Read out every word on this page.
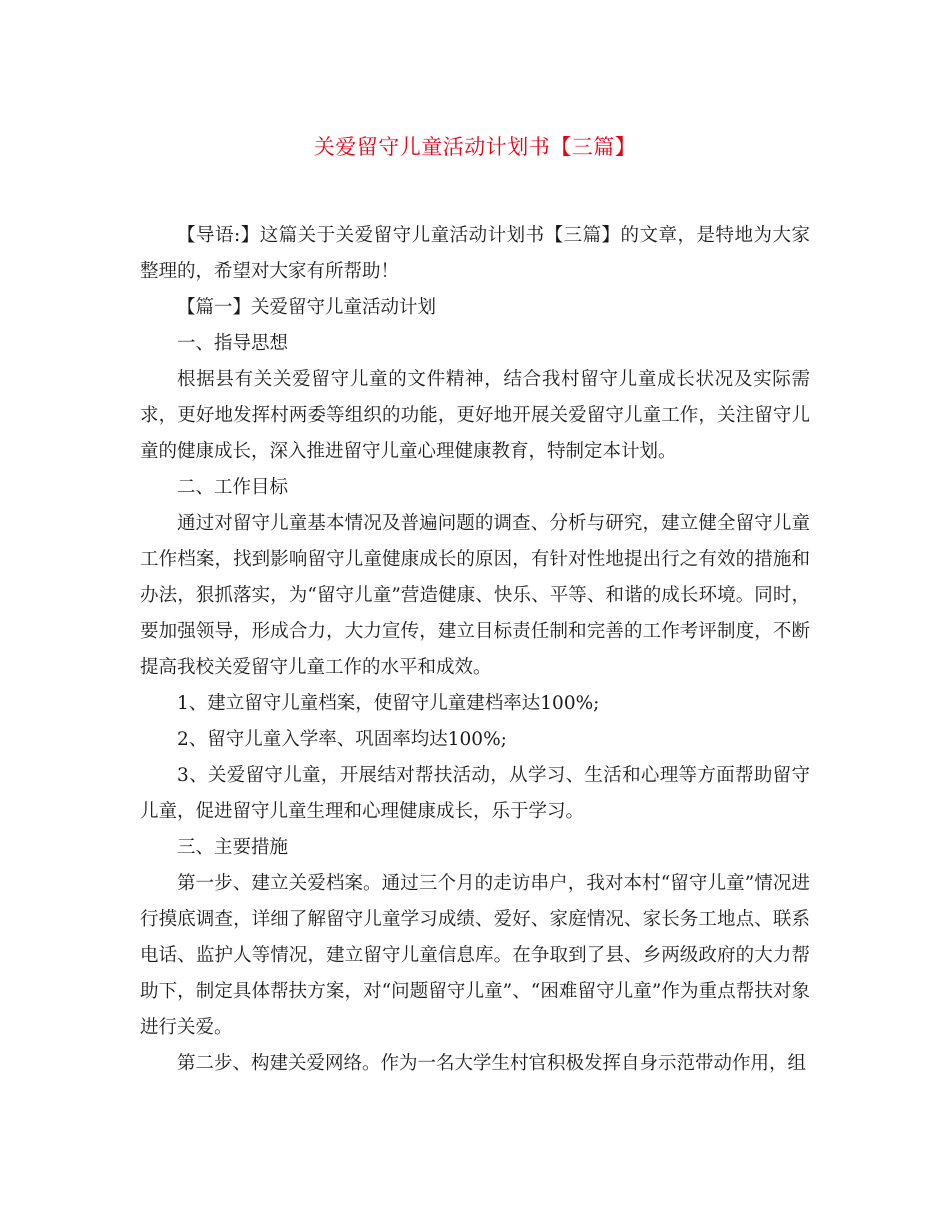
关爱留守儿童活动计划书【三篇】

【导语:】这篇关于关爱留守儿童活动计划书【三篇】的文章，是特地为大家整理的，希望对大家有所帮助！

【篇一】关爱留守儿童活动计划

一、指导思想

根据县有关关爱留守儿童的文件精神，结合我村留守儿童成长状况及实际需求，更好地发挥村两委等组织的功能，更好地开展关爱留守儿童工作，关注留守儿童的健康成长，深入推进留守儿童心理健康教育，特制定本计划。

二、工作目标

通过对留守儿童基本情况及普遍问题的调查、分析与研究，建立健全留守儿童工作档案，找到影响留守儿童健康成长的原因，有针对性地提出行之有效的措施和办法，狠抓落实，为“留守儿童”营造健康、快乐、平等、和谐的成长环境。同时，要加强领导，形成合力，大力宣传，建立目标责任制和完善的工作考评制度，不断提高我校关爱留守儿童工作的水平和成效。

1、建立留守儿童档案，使留守儿童建档率达100%;

2、留守儿童入学率、巩固率均达100%;

3、关爱留守儿童，开展结对帮扶活动，从学习、生活和心理等方面帮助留守儿童，促进留守儿童生理和心理健康成长，乐于学习。

三、主要措施

第一步、建立关爱档案。通过三个月的走访串户，我对本村“留守儿童”情况进行摸底调查，详细了解留守儿童学习成绩、爱好、家庭情况、家长务工地点、联系电话、监护人等情况，建立留守儿童信息库。在争取到了县、乡两级政府的大力帮助下，制定具体帮扶方案，对“问题留守儿童”、“困难留守儿童”作为重点帮扶对象进行关爱。

第二步、构建关爱网络。作为一名大学生村官积极发挥自身示范带动作用，组
